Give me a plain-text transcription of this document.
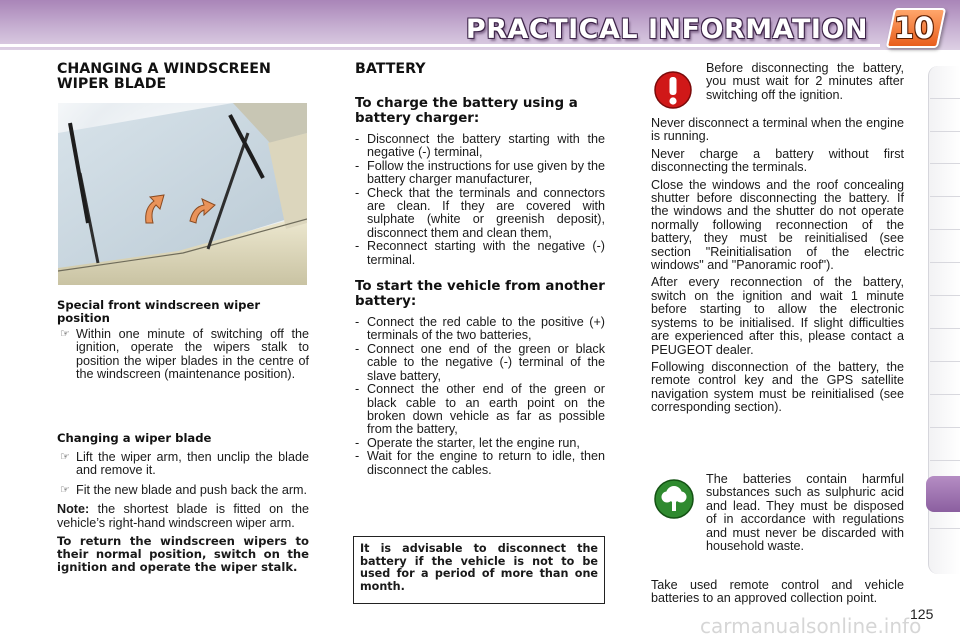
PRACTICAL INFORMATION 10
CHANGING A WINDSCREEN
WIPER BLADE
Special front windscreen wiper position
☞ Within one minute of switching off the ignition, operate the wipers stalk to position the wiper blades in the centre of the windscreen (maintenance position).
Changing a wiper blade
☞ Lift the wiper arm, then unclip the blade and remove it.
☞ Fit the new blade and push back the arm.

Note: the shortest blade is fitted on the vehicle’s right-hand windscreen wiper arm.

To return the windscreen wipers to their normal position, switch on the ignition and operate the wiper stalk.

BATTERY
To charge the battery using a battery charger:
- Disconnect the battery starting with the negative (-) terminal,
- Follow the instructions for use given by the battery charger manufacturer,
- Check that the terminals and connectors are clean. If they are covered with sulphate (white or greenish deposit), disconnect them and clean them,
- Reconnect starting with the negative (-) terminal.
To start the vehicle from another battery:
- Connect the red cable to the positive (+) terminals of the two batteries,
- Connect one end of the green or black cable to the negative (-) terminal of the slave battery,
- Connect the other end of the green or black cable to an earth point on the broken down vehicle as far as possible from the battery,
- Operate the starter, let the engine run,
- Wait for the engine to return to idle, then disconnect the cables.
It is advisable to disconnect the battery if the vehicle is not to be used for a period of more than one month.
Before disconnecting the battery, you must wait for 2 minutes after switching off the ignition.

Never disconnect a terminal when the engine is running.

Never charge a battery without first disconnecting the terminals.

Close the windows and the roof concealing shutter before disconnecting the battery. If the windows and the shutter do not operate normally following reconnection of the battery, they must be reinitialised (see section "Reinitialisation of the electric windows" and "Panoramic roof").

After every reconnection of the battery, switch on the ignition and wait 1 minute before starting to allow the electronic systems to be initialised. If slight difficulties are experienced after this, please contact a PEUGEOT dealer.

Following disconnection of the battery, the remote control key and the GPS satellite navigation system must be reinitialised (see corresponding section).

The batteries contain harmful substances such as sulphuric acid and lead. They must be disposed of in accordance with regulations and must never be discarded with household waste.
Take used remote control and vehicle batteries to an approved collection point.
125
carmanualsonline.info
